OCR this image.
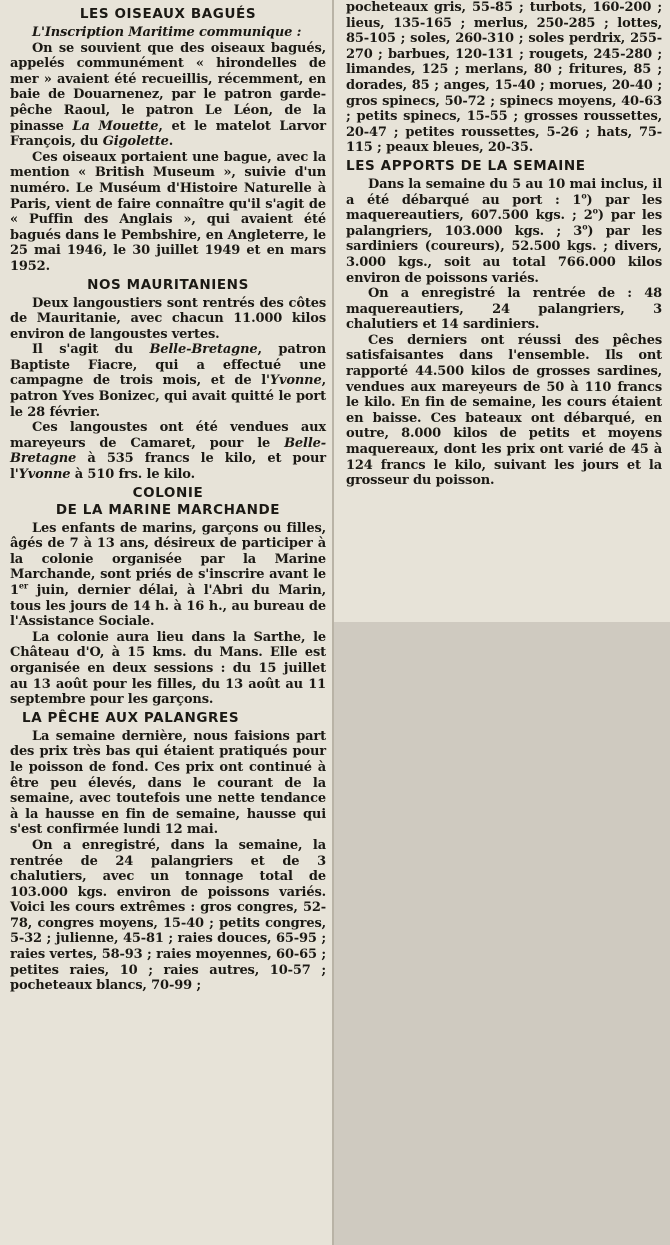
LES OISEAUX BAGUÉS

L'Inscription Maritime communique :

On se souvient que des oiseaux bagués, appelés communément « hirondelles de mer » avaient été recueillis, récemment, en baie de Douarnenez, par le patron garde-pêche Raoul, le patron Le Léon, de la pinasse La Mouette, et le matelot Larvor François, du Gigolette.

Ces oiseaux portaient une bague, avec la mention « British Museum », suivie d'un numéro. Le Muséum d'Histoire Naturelle à Paris, vient de faire connaître qu'il s'agit de « Puffin des Anglais », qui avaient été bagués dans le Pembshire, en Angleterre, le 25 mai 1946, le 30 juillet 1949 et en mars 1952.

NOS MAURITANIENS

Deux langoustiers sont rentrés des côtes de Mauritanie, avec chacun 11.000 kilos environ de langoustes vertes.

Il s'agit du Belle-Bretagne, patron Baptiste Fiacre, qui a effectué une campagne de trois mois, et de l'Yvonne, patron Yves Bonizec, qui avait quitté le port le 28 février.

Ces langoustes ont été vendues aux mareyeurs de Camaret, pour le Belle-Bretagne à 535 francs le kilo, et pour l'Yvonne à 510 frs. le kilo.

COLONIE
DE LA MARINE MARCHANDE

Les enfants de marins, garçons ou filles, âgés de 7 à 13 ans, désireux de participer à la colonie organisée par la Marine Marchande, sont priés de s'inscrire avant le 1er juin, dernier délai, à l'Abri du Marin, tous les jours de 14 h. à 16 h., au bureau de l'Assistance Sociale.

La colonie aura lieu dans la Sarthe, le Château d'O, à 15 kms. du Mans. Elle est organisée en deux sessions : du 15 juillet au 13 août pour les filles, du 13 août au 11 septembre pour les garçons.

LA PÊCHE AUX PALANGRES

La semaine dernière, nous faisions part des prix très bas qui étaient pratiqués pour le poisson de fond. Ces prix ont continué à être peu élevés, dans le courant de la semaine, avec toutefois une nette tendance à la hausse en fin de semaine, hausse qui s'est confirmée lundi 12 mai.

On a enregistré, dans la semaine, la rentrée de 24 palangriers et de 3 chalutiers, avec un tonnage total de 103.000 kgs. environ de poissons variés. Voici les cours extrêmes : gros congres, 52-78, congres moyens, 15-40 ; petits congres, 5-32 ; julienne, 45-81 ; raies douces, 65-95 ; raies vertes, 58-93 ; raies moyennes, 60-65 ; petites raies, 10 ; raies autres, 10-57 ; pocheteaux blancs, 70-99 ;

pocheteaux gris, 55-85 ; turbots, 160-200 ; lieus, 135-165 ; merlus, 250-285 ; lottes, 85-105 ; soles, 260-310 ; soles perdrix, 255-270 ; barbues, 120-131 ; rougets, 245-280 ; limandes, 125 ; merlans, 80 ; fritures, 85 ; dorades, 85 ; anges, 15-40 ; morues, 20-40 ; gros spinecs, 50-72 ; spinecs moyens, 40-63 ; petits spinecs, 15-55 ; grosses roussettes, 20-47 ; petites roussettes, 5-26 ; hats, 75-115 ; peaux bleues, 20-35.

LES APPORTS DE LA SEMAINE

Dans la semaine du 5 au 10 mai inclus, il a été débarqué au port : 1$^o$) par les maquereautiers, 607.500 kgs. ; 2$^o$) par les palangriers, 103.000 kgs. ; 3$^o$) par les sardiniers (coureurs), 52.500 kgs. ; divers, 3.000 kgs., soit au total 766.000 kilos environ de poissons variés.

On a enregistré la rentrée de : 48 maquereautiers, 24 palangriers, 3 chalutiers et 14 sardiniers.

Ces derniers ont réussi des pêches satisfaisantes dans l'ensemble. Ils ont rapporté 44.500 kilos de grosses sardines, vendues aux mareyeurs de 50 à 110 francs le kilo. En fin de semaine, les cours étaient en baisse. Ces bateaux ont débarqué, en outre, 8.000 kilos de petits et moyens maquereaux, dont les prix ont varié de 45 à 124 francs le kilo, suivant les jours et la grosseur du poisson.
